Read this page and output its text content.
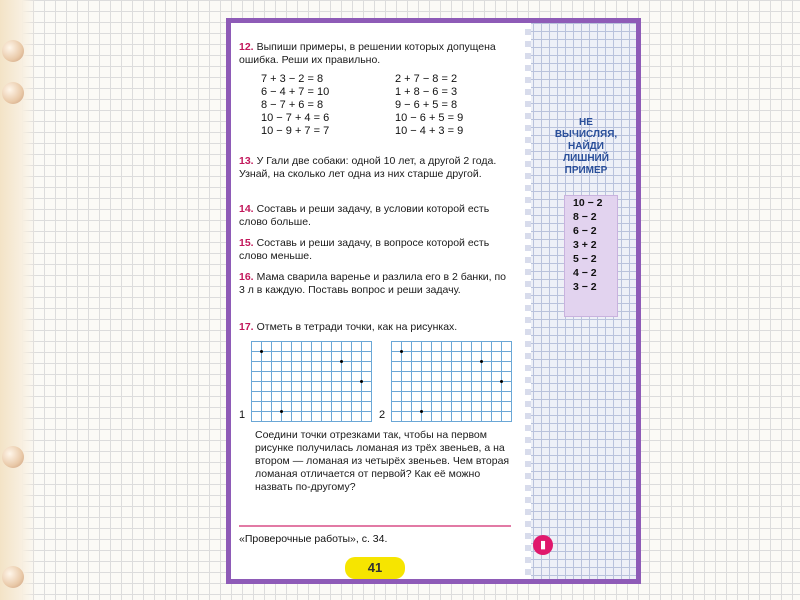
12. Выпиши примеры, в решении которых допущена ошибка. Реши их правильно.
7 + 3 − 2 = 8
6 − 4 + 7 = 10
8 − 7 + 6 = 8
10 − 7 + 4 = 6
10 − 9 + 7 = 7
2 + 7 − 8 = 2
1 + 8 − 6 = 3
9 − 6 + 5 = 8
10 − 6 + 5 = 9
10 − 4 + 3 = 9
13. У Гали две собаки: одной 10 лет, а другой 2 года. Узнай, на сколько лет одна из них старше другой.
14. Составь и реши задачу, в условии которой есть слово больше.
15. Составь и реши задачу, в вопросе которой есть слово меньше.
16. Мама сварила варенье и разлила его в 2 банки, по 3 л в каждую. Поставь вопрос и реши задачу.
17. Отметь в тетради точки, как на рисунках.
1	2
Соедини точки отрезками так, чтобы на первом рисунке получилась ломаная из трёх звеньев, а на втором — ломаная из четырёх звеньев. Чем вторая ломаная отличается от первой? Как её можно назвать по-другому?
«Проверочные работы», с. 34.
41
НЕ
ВЫЧИСЛЯЯ,
НАЙДИ
ЛИШНИЙ
ПРИМЕР
10 − 2
8 − 2
6 − 2
3 + 2
5 − 2
4 − 2
3 − 2
▮
